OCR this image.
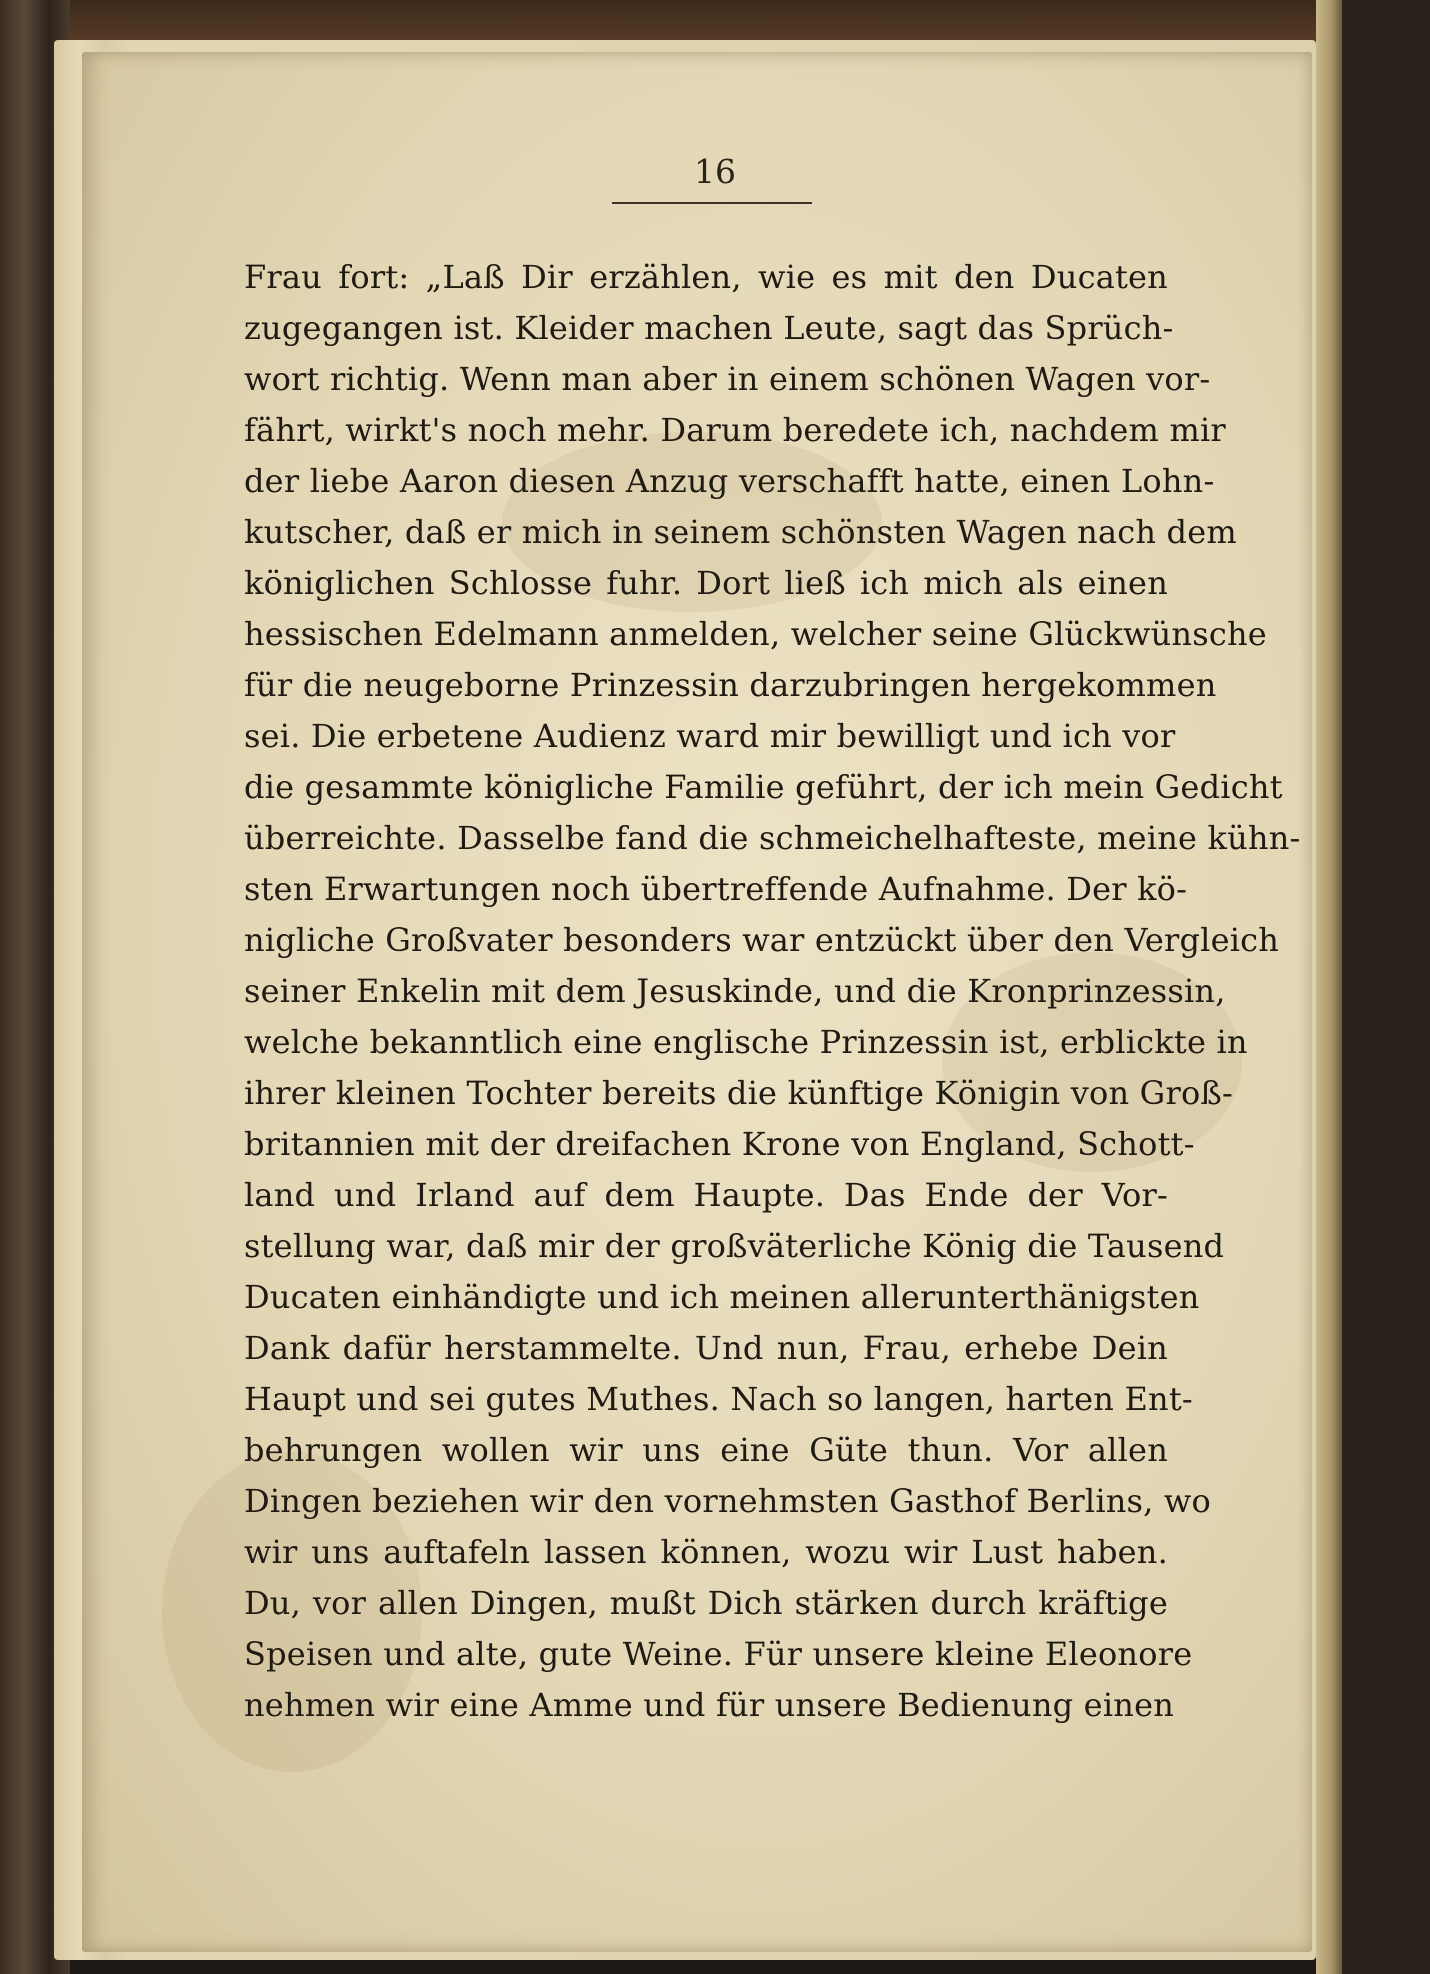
16
Frau fort: „Laß Dir erzählen, wie es mit den Ducaten
zugegangen ist. Kleider machen Leute, sagt das Sprüch-
wort richtig. Wenn man aber in einem schönen Wagen vor-
fährt, wirkt's noch mehr. Darum beredete ich, nachdem mir
der liebe Aaron diesen Anzug verschafft hatte, einen Lohn-
kutscher, daß er mich in seinem schönsten Wagen nach dem
königlichen Schlosse fuhr. Dort ließ ich mich als einen
hessischen Edelmann anmelden, welcher seine Glückwünsche
für die neugeborne Prinzessin darzubringen hergekommen
sei. Die erbetene Audienz ward mir bewilligt und ich vor
die gesammte königliche Familie geführt, der ich mein Gedicht
überreichte. Dasselbe fand die schmeichelhafteste, meine kühn-
sten Erwartungen noch übertreffende Aufnahme. Der kö-
nigliche Großvater besonders war entzückt über den Vergleich
seiner Enkelin mit dem Jesuskinde, und die Kronprinzessin,
welche bekanntlich eine englische Prinzessin ist, erblickte in
ihrer kleinen Tochter bereits die künftige Königin von Groß-
britannien mit der dreifachen Krone von England, Schott-
land und Irland auf dem Haupte. Das Ende der Vor-
stellung war, daß mir der großväterliche König die Tausend
Ducaten einhändigte und ich meinen allerunterthänigsten
Dank dafür herstammelte. Und nun, Frau, erhebe Dein
Haupt und sei gutes Muthes. Nach so langen, harten Ent-
behrungen wollen wir uns eine Güte thun. Vor allen
Dingen beziehen wir den vornehmsten Gasthof Berlins, wo
wir uns auftafeln lassen können, wozu wir Lust haben.
Du, vor allen Dingen, mußt Dich stärken durch kräftige
Speisen und alte, gute Weine. Für unsere kleine Eleonore
nehmen wir eine Amme und für unsere Bedienung einen
